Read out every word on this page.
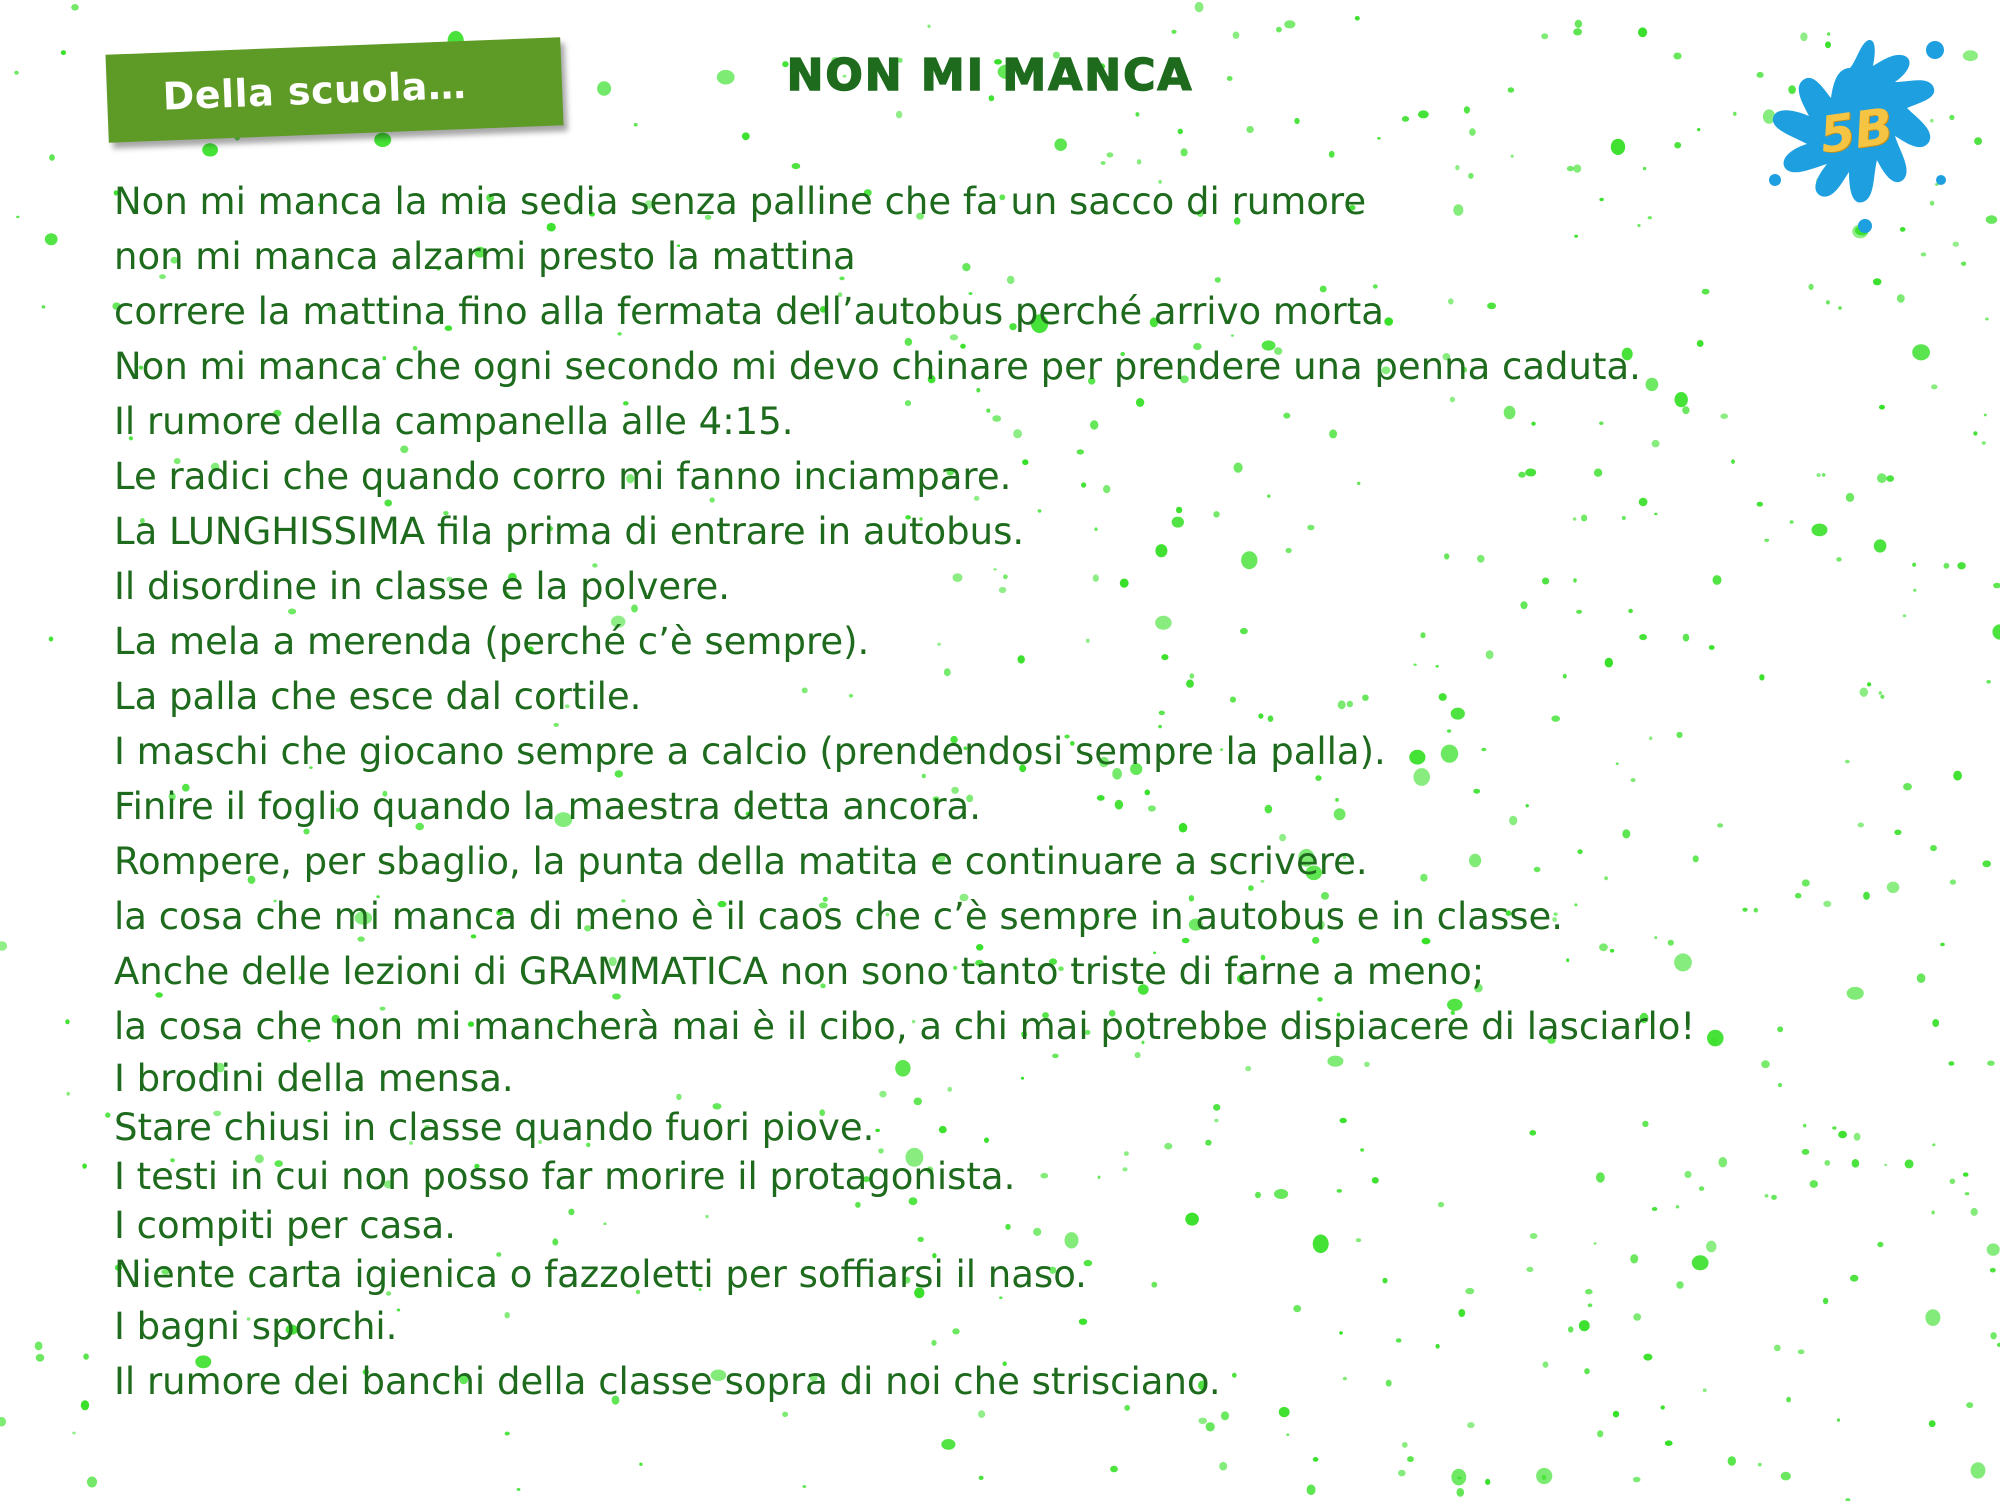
Della scuola…	NON MI MANCA
5B
Non mi manca la mia sedia senza palline che fa un sacco di rumore
non mi manca alzarmi presto la mattina
correre la mattina fino alla fermata dell’autobus perché arrivo morta
Non mi manca che ogni secondo mi devo chinare per prendere una penna caduta.
Il rumore della campanella alle 4:15.
Le radici che quando corro mi fanno inciampare.
La LUNGHISSIMA fila prima di entrare in autobus.
Il disordine in classe e la polvere.
La mela a merenda (perché c’è sempre).
La palla che esce dal cortile.
I maschi che giocano sempre a calcio (prendendosi sempre la palla).
Finire il foglio quando la maestra detta ancora.
Rompere, per sbaglio, la punta della matita e continuare a scrivere.
la cosa che mi manca di meno è il caos che c’è sempre in autobus e in classe.
Anche delle lezioni di GRAMMATICA non sono tanto triste di farne a meno;
la cosa che non mi mancherà mai è il cibo, a chi mai potrebbe dispiacere di lasciarlo!
I brodini della mensa.
Stare chiusi in classe quando fuori piove.
I testi in cui non posso far morire il protagonista.
I compiti per casa.
Niente carta igienica o fazzoletti per soffiarsi il naso.
I bagni sporchi.
Il rumore dei banchi della classe sopra di noi che strisciano.
